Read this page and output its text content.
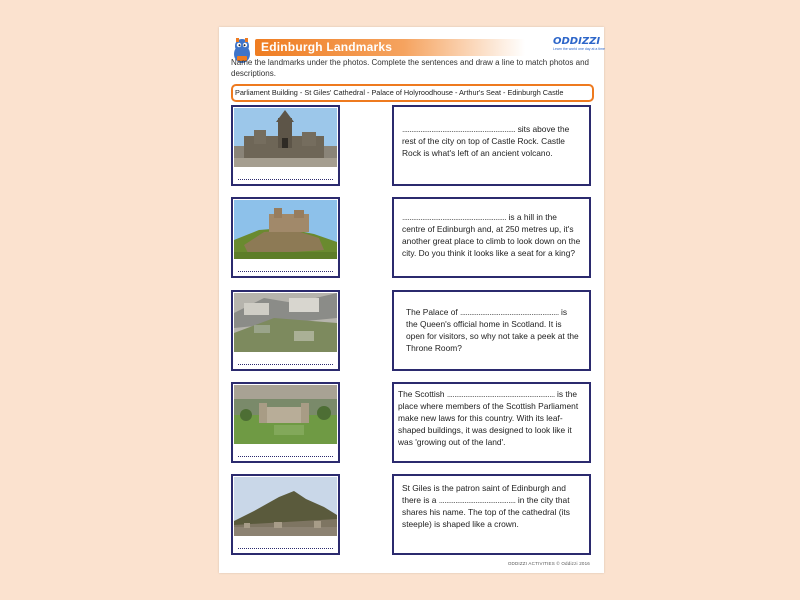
Edinburgh Landmarks	ODDIZZI
Learn the world one day at a time
Name the landmarks under the photos. Complete the sentences and draw a line to match photos and descriptions.
Parliament Building - St Giles' Cathedral - Palace of Holyroodhouse - Arthur's Seat - Edinburgh Castle

.............................................................. sits above the rest of the city on top of Castle Rock. Castle Rock is what's left of an ancient volcano.

......................................................... is a hill in the centre of Edinburgh and, at 250 metres up, it's another great place to climb to look down on the city. Do you think it looks like a seat for a king?

The Palace of ...................................................... is the Queen's official home in Scotland. It is open for visitors, so why not take a peek at the Throne Room?

The Scottish ........................................................... is the place where members of the Scottish Parliament make new laws for this country. With its leaf-shaped buildings, it was designed to look like it was 'growing out of the land'.

St Giles is the patron saint of Edinburgh and there is a .......................................... in the city that shares his name. The top of the cathedral (its steeple) is shaped like a crown.

ODDIZZI ACTIVITIES © Oddizzi 2016
